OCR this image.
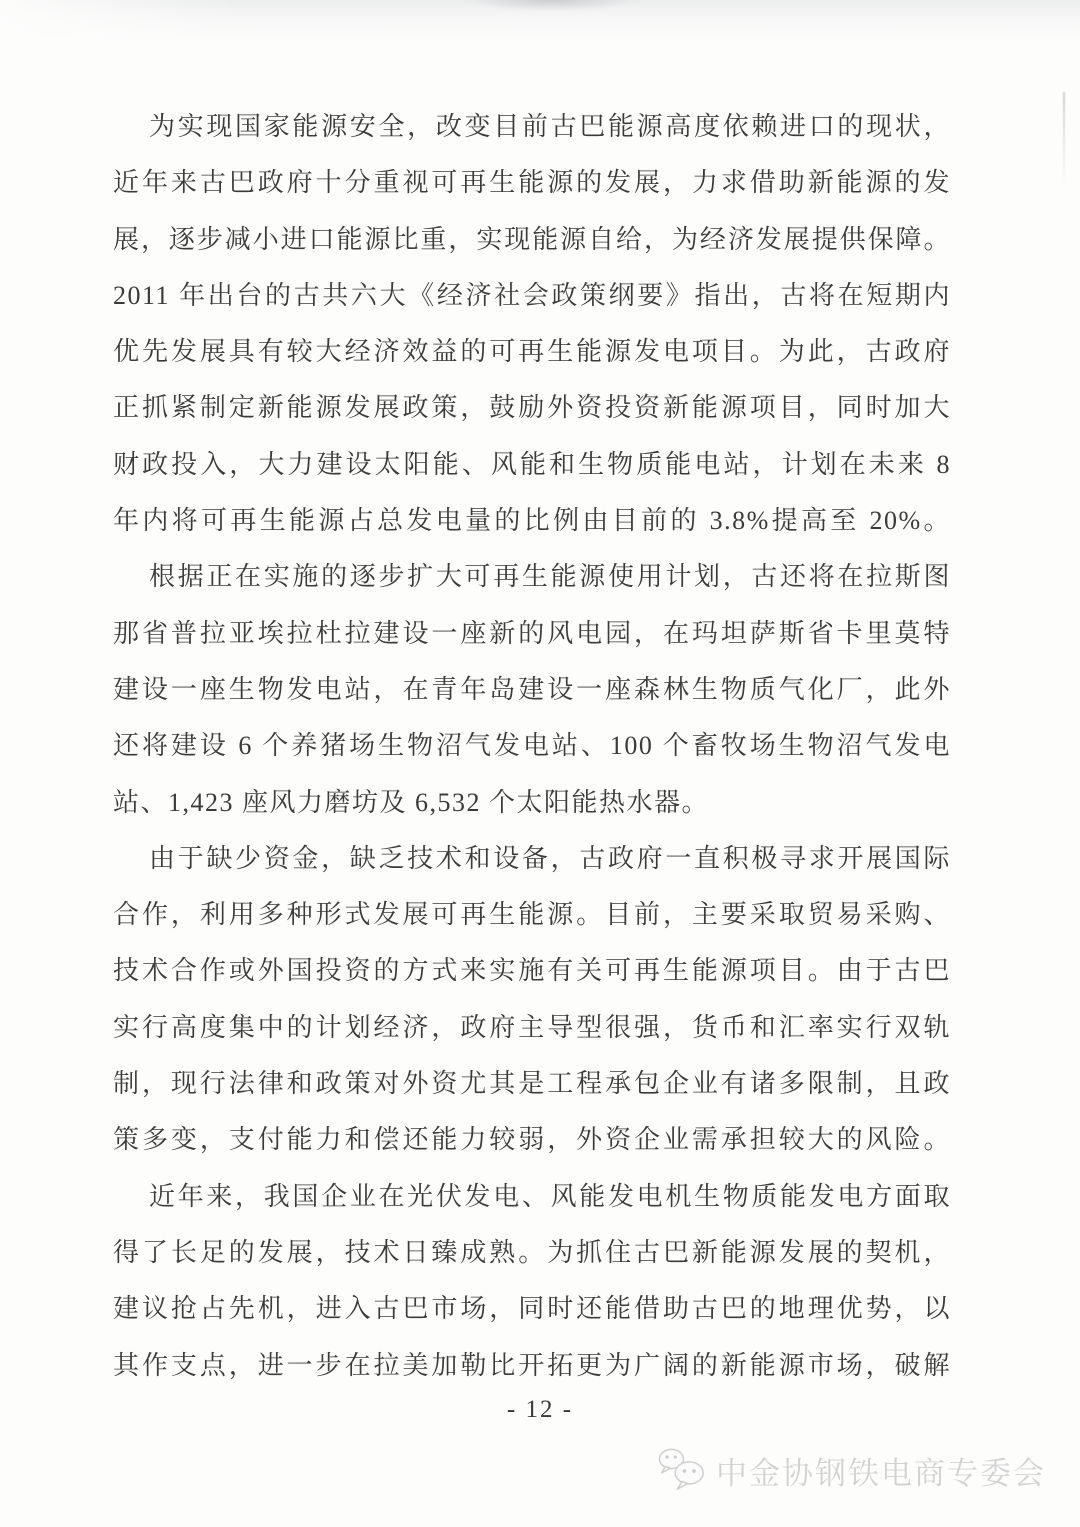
为实现国家能源安全，改变目前古巴能源高度依赖进口的现状，
近年来古巴政府十分重视可再生能源的发展，力求借助新能源的发
展，逐步减小进口能源比重，实现能源自给，为经济发展提供保障。
2011 年出台的古共六大《经济社会政策纲要》指出，古将在短期内
优先发展具有较大经济效益的可再生能源发电项目。为此，古政府
正抓紧制定新能源发展政策，鼓励外资投资新能源项目，同时加大
财政投入，大力建设太阳能、风能和生物质能电站，计划在未来 8
年内将可再生能源占总发电量的比例由目前的 3.8%提高至 20%。
根据正在实施的逐步扩大可再生能源使用计划，古还将在拉斯图
那省普拉亚埃拉杜拉建设一座新的风电园，在玛坦萨斯省卡里莫特
建设一座生物发电站，在青年岛建设一座森林生物质气化厂，此外
还将建设 6 个养猪场生物沼气发电站、100 个畜牧场生物沼气发电
站、1,423 座风力磨坊及 6,532 个太阳能热水器。
由于缺少资金，缺乏技术和设备，古政府一直积极寻求开展国际
合作，利用多种形式发展可再生能源。目前，主要采取贸易采购、
技术合作或外国投资的方式来实施有关可再生能源项目。由于古巴
实行高度集中的计划经济，政府主导型很强，货币和汇率实行双轨
制，现行法律和政策对外资尤其是工程承包企业有诸多限制，且政
策多变，支付能力和偿还能力较弱，外资企业需承担较大的风险。
近年来，我国企业在光伏发电、风能发电机生物质能发电方面取
得了长足的发展，技术日臻成熟。为抓住古巴新能源发展的契机，
建议抢占先机，进入古巴市场，同时还能借助古巴的地理优势，以
其作支点，进一步在拉美加勒比开拓更为广阔的新能源市场，破解
- 12 -
中金协钢铁电商专委会
